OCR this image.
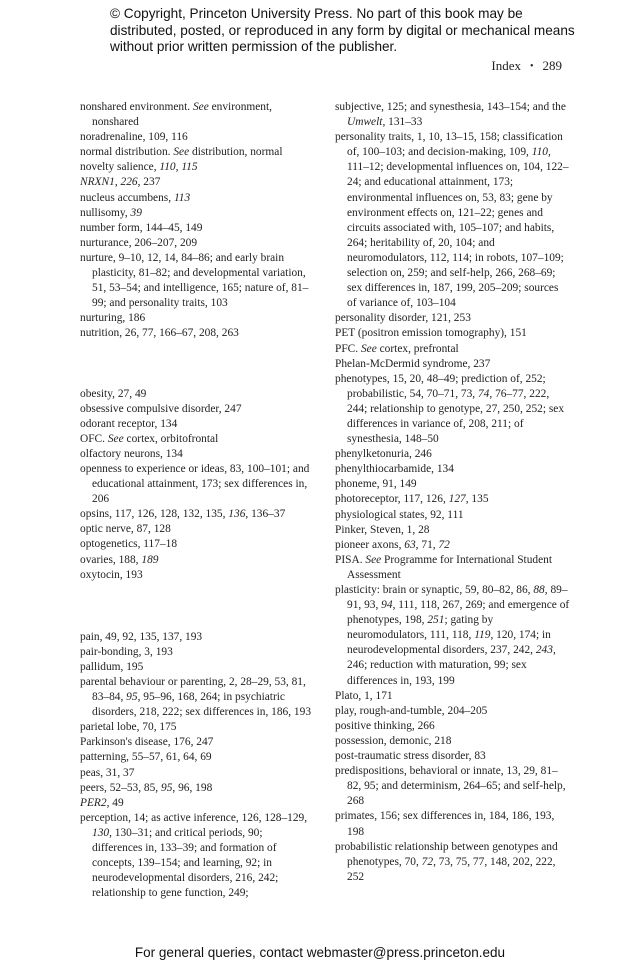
© Copyright, Princeton University Press. No part of this book may be distributed, posted, or reproduced in any form by digital or mechanical means without prior written permission of the publisher.
Index • 289
nonshared environment. See environment, nonshared
noradrenaline, 109, 116
normal distribution. See distribution, normal
novelty salience, 110, 115
NRXN1, 226, 237
nucleus accumbens, 113
nullisomy, 39
number form, 144–45, 149
nurturance, 206–207, 209
nurture, 9–10, 12, 14, 84–86; and early brain plasticity, 81–82; and developmental variation, 51, 53–54; and intelligence, 165; nature of, 81–99; and personality traits, 103
nurturing, 186
nutrition, 26, 77, 166–67, 208, 263
obesity, 27, 49
obsessive compulsive disorder, 247
odorant receptor, 134
OFC. See cortex, orbitofrontal
olfactory neurons, 134
openness to experience or ideas, 83, 100–101; and educational attainment, 173; sex differences in, 206
opsins, 117, 126, 128, 132, 135, 136, 136–37
optic nerve, 87, 128
optogenetics, 117–18
ovaries, 188, 189
oxytocin, 193
pain, 49, 92, 135, 137, 193
pair-bonding, 3, 193
pallidum, 195
parental behaviour or parenting, 2, 28–29, 53, 81, 83–84, 95, 95–96, 168, 264; in psychiatric disorders, 218, 222; sex differences in, 186, 193
parietal lobe, 70, 175
Parkinson's disease, 176, 247
patterning, 55–57, 61, 64, 69
peas, 31, 37
peers, 52–53, 85, 95, 96, 198
PER2, 49
perception, 14; as active inference, 126, 128–129, 130, 130–31; and critical periods, 90; differences in, 133–39; and formation of concepts, 139–154; and learning, 92; in neurodevelopmental disorders, 216, 242; relationship to gene function, 249;
subjective, 125; and synesthesia, 143–154; and the Umwelt, 131–33
personality traits, 1, 10, 13–15, 158; classification of, 100–103; and decision-making, 109, 110, 111–12; developmental influences on, 104, 122–24; and educational attainment, 173; environmental influences on, 53, 83; gene by environment effects on, 121–22; genes and circuits associated with, 105–107; and habits, 264; heritability of, 20, 104; and neuromodulators, 112, 114; in robots, 107–109; selection on, 259; and self-help, 266, 268–69; sex differences in, 187, 199, 205–209; sources of variance of, 103–104
personality disorder, 121, 253
PET (positron emission tomography), 151
PFC. See cortex, prefrontal
Phelan-McDermid syndrome, 237
phenotypes, 15, 20, 48–49; prediction of, 252; probabilistic, 54, 70–71, 73, 74, 76–77, 222, 244; relationship to genotype, 27, 250, 252; sex differences in variance of, 208, 211; of synesthesia, 148–50
phenylketonuria, 246
phenylthiocarbamide, 134
phoneme, 91, 149
photoreceptor, 117, 126, 127, 135
physiological states, 92, 111
Pinker, Steven, 1, 28
pioneer axons, 63, 71, 72
PISA. See Programme for International Student Assessment
plasticity: brain or synaptic, 59, 80–82, 86, 88, 89–91, 93, 94, 111, 118, 267, 269; and emergence of phenotypes, 198, 251; gating by neuromodulators, 111, 118, 119, 120, 174; in neurodevelopmental disorders, 237, 242, 243, 246; reduction with maturation, 99; sex differences in, 193, 199
Plato, 1, 171
play, rough-and-tumble, 204–205
positive thinking, 266
possession, demonic, 218
post-traumatic stress disorder, 83
predispositions, behavioral or innate, 13, 29, 81–82, 95; and determinism, 264–65; and self-help, 268
primates, 156; sex differences in, 184, 186, 193, 198
probabilistic relationship between genotypes and phenotypes, 70, 72, 73, 75, 77, 148, 202, 222, 252
For general queries, contact webmaster@press.princeton.edu
